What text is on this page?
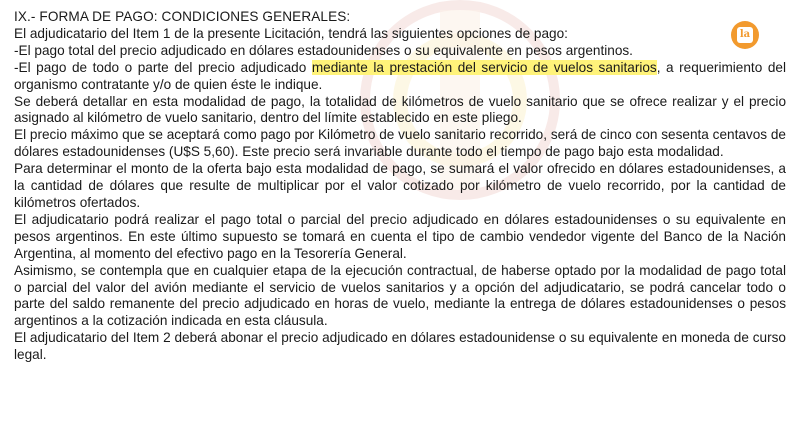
IX.- FORMA DE PAGO: CONDICIONES GENERALES:

El adjudicatario del Item 1 de la presente Licitación, tendrá las siguientes opciones de pago:

-El pago total del precio adjudicado en dólares estadounidenses o su equivalente en pesos argentinos.

-El pago de todo o parte del precio adjudicado mediante la prestación del servicio de vuelos sanitarios, a requerimiento del organismo contratante y/o de quien éste le indique.

Se deberá detallar en esta modalidad de pago, la totalidad de kilómetros de vuelo sanitario que se ofrece realizar y el precio asignado al kilómetro de vuelo sanitario, dentro del límite establecido en este pliego.

El precio máximo que se aceptará como pago por Kilómetro de vuelo sanitario recorrido, será de cinco con sesenta centavos de dólares estadounidenses (U$S 5,60). Este precio será invariable durante todo el tiempo de pago bajo esta modalidad.

Para determinar el monto de la oferta bajo esta modalidad de pago, se sumará el valor ofrecido en dólares estadounidenses, a la cantidad de dólares que resulte de multiplicar por el valor cotizado por kilómetro de vuelo recorrido, por la cantidad de kilómetros ofertados.

El adjudicatario podrá realizar el pago total o parcial del precio adjudicado en dólares estadounidenses o su equivalente en pesos argentinos. En este último supuesto se tomará en cuenta el tipo de cambio vendedor vigente del Banco de la Nación Argentina, al momento del efectivo pago en la Tesorería General.

Asimismo, se contempla que en cualquier etapa de la ejecución contractual, de haberse optado por la modalidad de pago total o parcial del valor del avión mediante el servicio de vuelos sanitarios y a opción del adjudicatario, se podrá cancelar todo o parte del saldo remanente del precio adjudicado en horas de vuelo, mediante la entrega de dólares estadounidenses o pesos argentinos a la cotización indicada en esta cláusula.

El adjudicatario del Item 2 deberá abonar el precio adjudicado en dólares estadounidense o su equivalente en moneda de curso legal.

la
